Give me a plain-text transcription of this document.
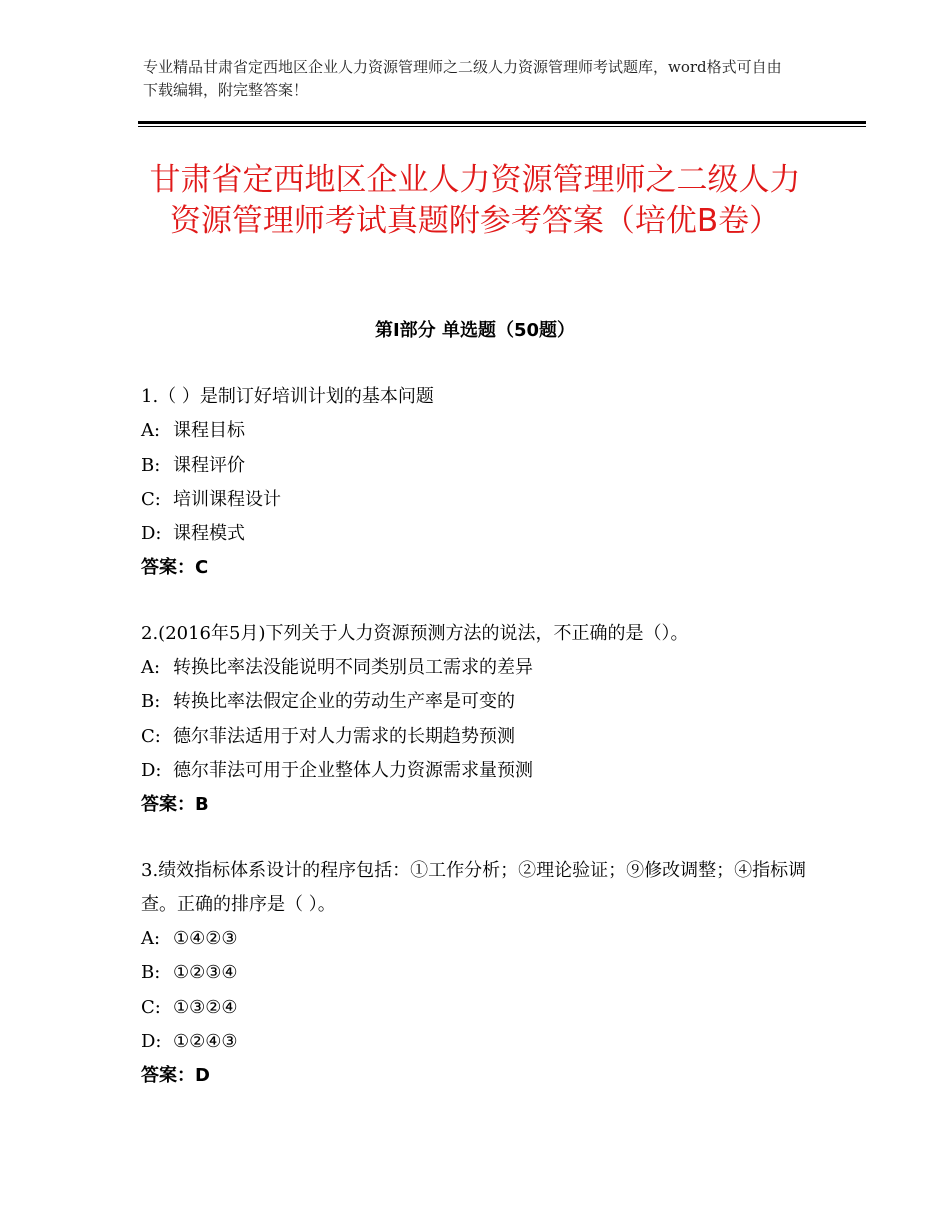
专业精品甘肃省定西地区企业人力资源管理师之二级人力资源管理师考试题库，word格式可自由下载编辑，附完整答案！
甘肃省定西地区企业人力资源管理师之二级人力资源管理师考试真题附参考答案（培优B卷）
第Ⅰ部分 单选题（50题）
1.（ ）是制订好培训计划的基本问题
A: 课程目标
B: 课程评价
C: 培训课程设计
D: 课程模式
答案：C
2.(2016年5月)下列关于人力资源预测方法的说法，不正确的是（）。
A: 转换比率法没能说明不同类别员工需求的差异
B: 转换比率法假定企业的劳动生产率是可变的
C: 德尔菲法适用于对人力需求的长期趋势预测
D: 德尔菲法可用于企业整体人力资源需求量预测
答案：B
3.绩效指标体系设计的程序包括：①工作分析；②理论验证；⑨修改调整；④指标调查。正确的排序是（ ）。
A: ①④②③
B: ①②③④
C: ①③②④
D: ①②④③
答案：D
